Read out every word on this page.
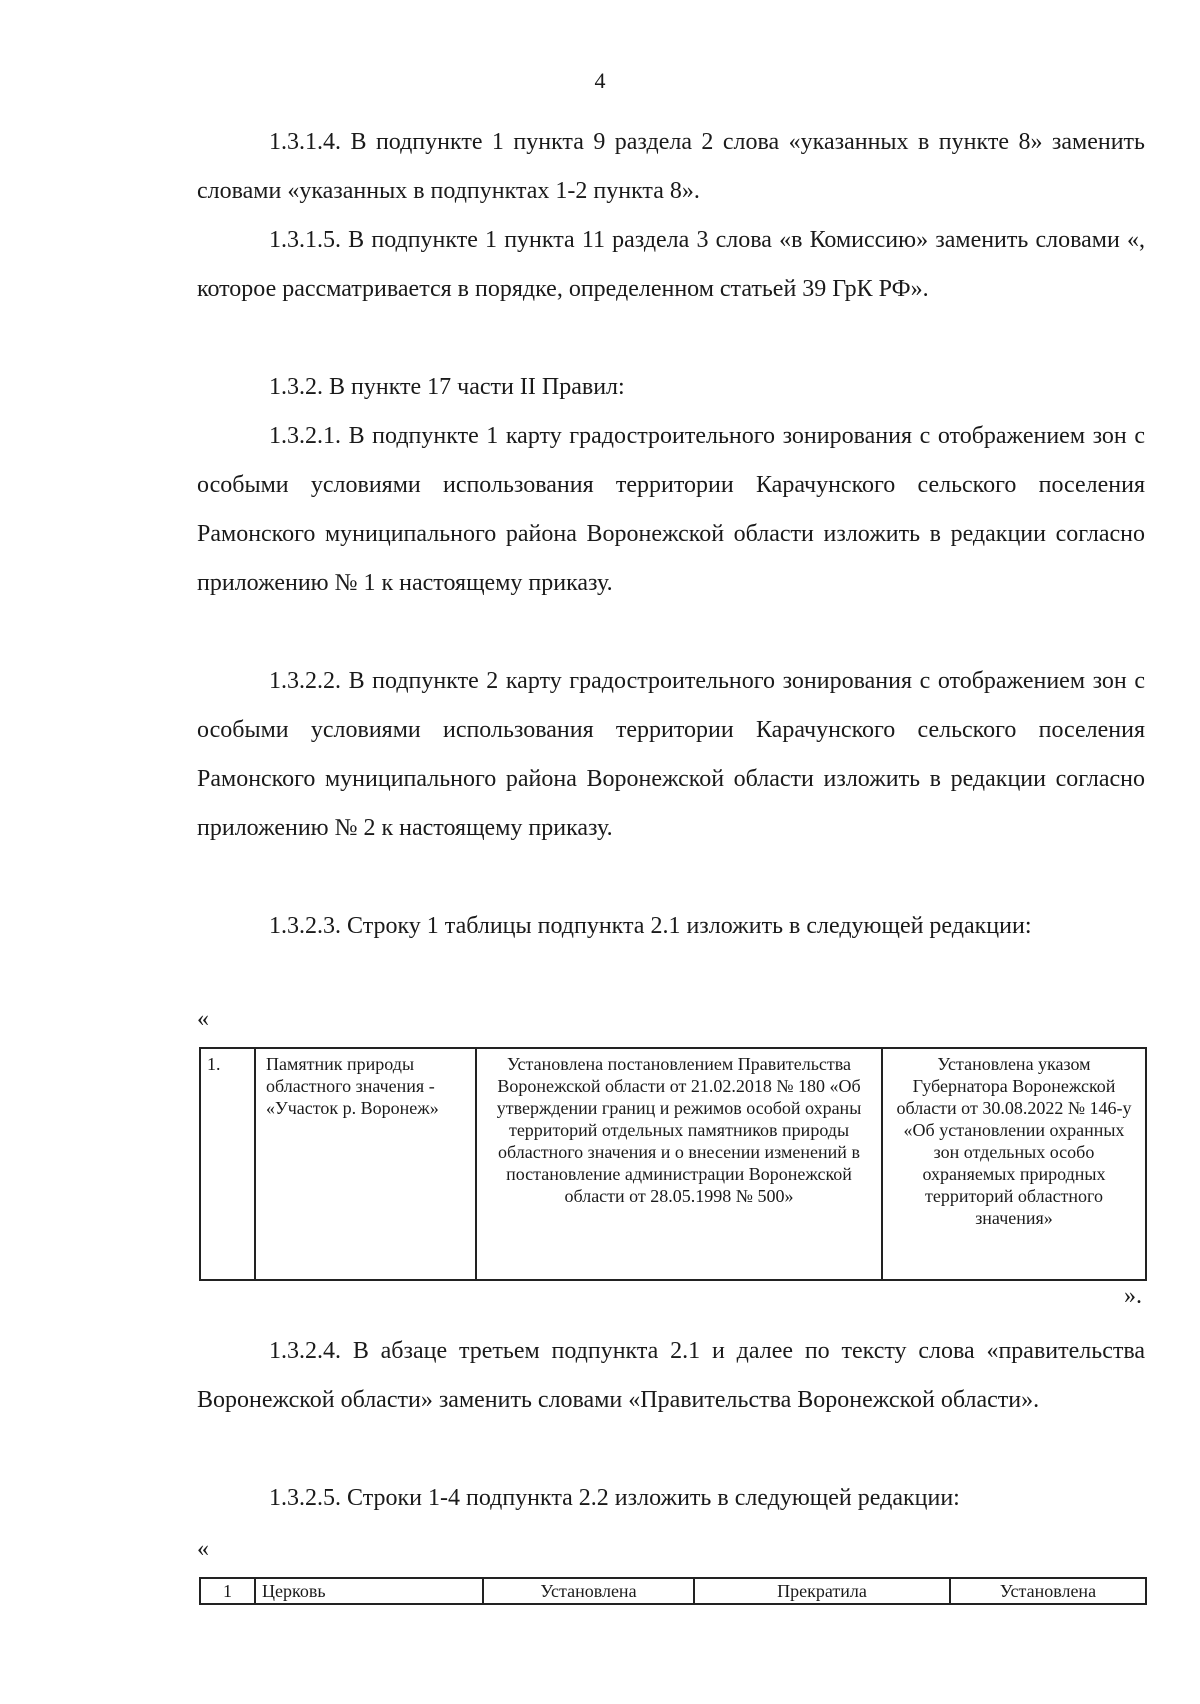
4
1.3.1.4. В подпункте 1 пункта 9 раздела 2 слова «указанных в пункте 8» заменить словами «указанных в подпунктах 1-2 пункта 8».
1.3.1.5. В подпункте 1 пункта 11 раздела 3 слова «в Комиссию» заменить словами «, которое рассматривается в порядке, определенном статьей 39 ГрК РФ».
1.3.2. В пункте 17 части II Правил:
1.3.2.1. В подпункте 1 карту градостроительного зонирования с отображением зон с особыми условиями использования территории Карачунского сельского поселения Рамонского муниципального района Воронежской области изложить в редакции согласно приложению № 1 к настоящему приказу.
1.3.2.2. В подпункте 2 карту градостроительного зонирования с отображением зон с особыми условиями использования территории Карачунского сельского поселения Рамонского муниципального района Воронежской области изложить в редакции согласно приложению № 2 к настоящему приказу.
1.3.2.3. Строку 1 таблицы подпункта 2.1 изложить в следующей редакции:
«
1.	Памятник природы областного значения - «Участок р. Воронеж»	Установлена постановлением Правительства Воронежской области от 21.02.2018 № 180 «Об утверждении границ и режимов особой охраны территорий отдельных памятников природы областного значения и о внесении изменений в постановление администрации Воронежской области от 28.05.1998 № 500»	Установлена указом Губернатора Воронежской области от 30.08.2022 № 146-у «Об установлении охранных зон отдельных особо охраняемых природных территорий областного значения»
».
1.3.2.4. В абзаце третьем подпункта 2.1 и далее по тексту слова «правительства Воронежской области» заменить словами «Правительства Воронежской области».
1.3.2.5. Строки 1-4 подпункта 2.2 изложить в следующей редакции:
«
1	Церковь	Установлена	Прекратила	Установлена
